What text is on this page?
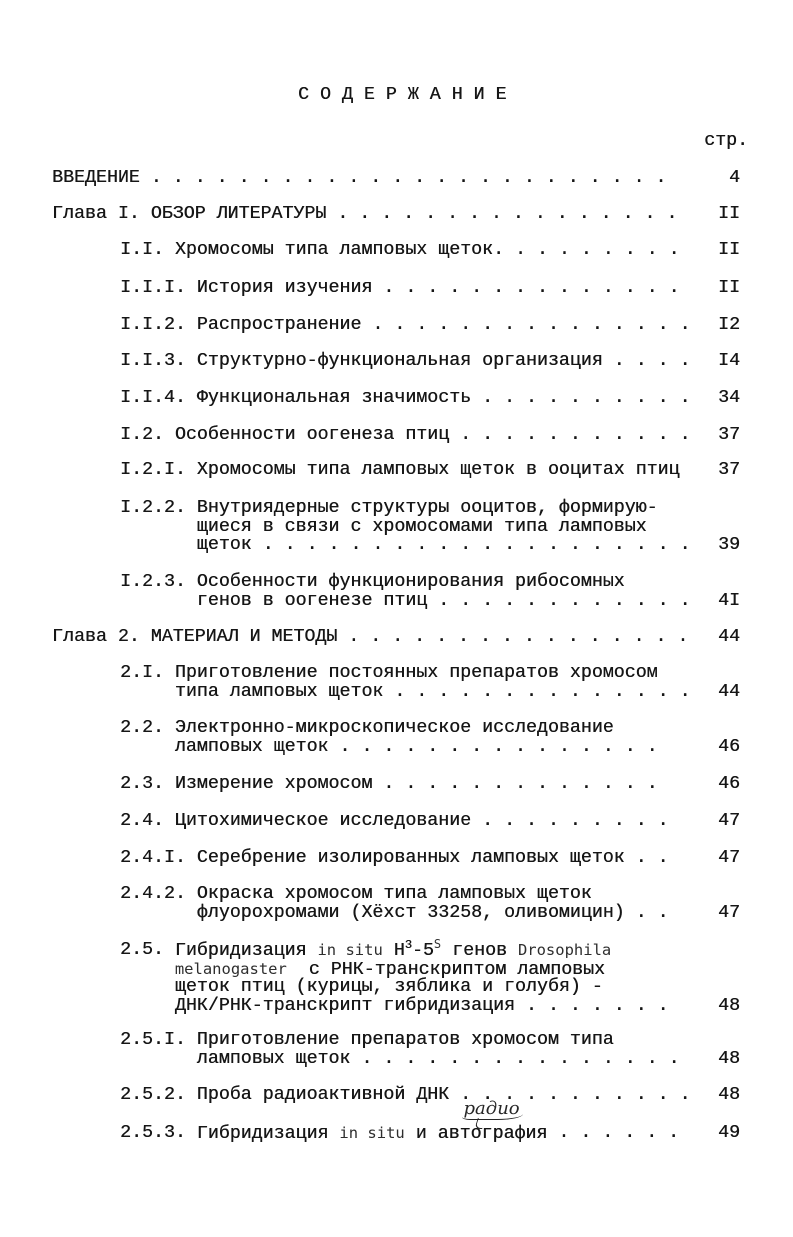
С О Д Е Р Ж А Н И Е
стр.
ВВЕДЕНИЕ . . .	4
Глава I. ОБЗОР ЛИТЕРАТУРЫ . . .	II
I.I. Хромосомы типа ламповых щеток. . . .	II
I.I.I. История изучения . . .	II
I.I.2. Распространение . . .	I2
I.I.3. Структурно-функциональная организация . . .	I4
I.I.4. Функциональная значимость . . .	34
I.2. Особенности оогенеза птиц . . .	37
I.2.I. Хромосомы типа ламповых щеток в ооцитах птиц 37
I.2.2. Внутриядерные структуры ооцитов, формирую-
щиеся в связи с хромосомами типа ламповых
щеток . . .	39
I.2.3. Особенности функционирования рибосомных
генов в оогенезе птиц . . .	4I
Глава 2. МАТЕРИАЛ И МЕТОДЫ . . .	44
2.I. Приготовление постоянных препаратов хромосом
типа ламповых щеток . . .	44
2.2. Электронно-микроскопическое исследование
ламповых щеток . . .	46
2.3. Измерение хромосом . . .	46
2.4. Цитохимическое исследование . . .	47
2.4.I. Серебрение изолированных ламповых щеток . . .	47
2.4.2. Окраска хромосом типа ламповых щеток
флуорохромами (Хёхст 33258, оливомицин) . . .	47
2.5. Гибридизация in situ $H^3-5^S$ генов Drosophila
melanogaster  с РНК-транскриптом ламповых
щеток птиц (курицы, зяблика и голубя) -
ДНК/РНК-транскрипт гибридизация . . .	48
2.5.I. Приготовление препаратов хромосом типа
ламповых щеток . . .	48
2.5.2. Проба радиоактивной ДНК . . .	48
2.5.3. Гибридизация in situ и авто
радио
графия . . .	49
